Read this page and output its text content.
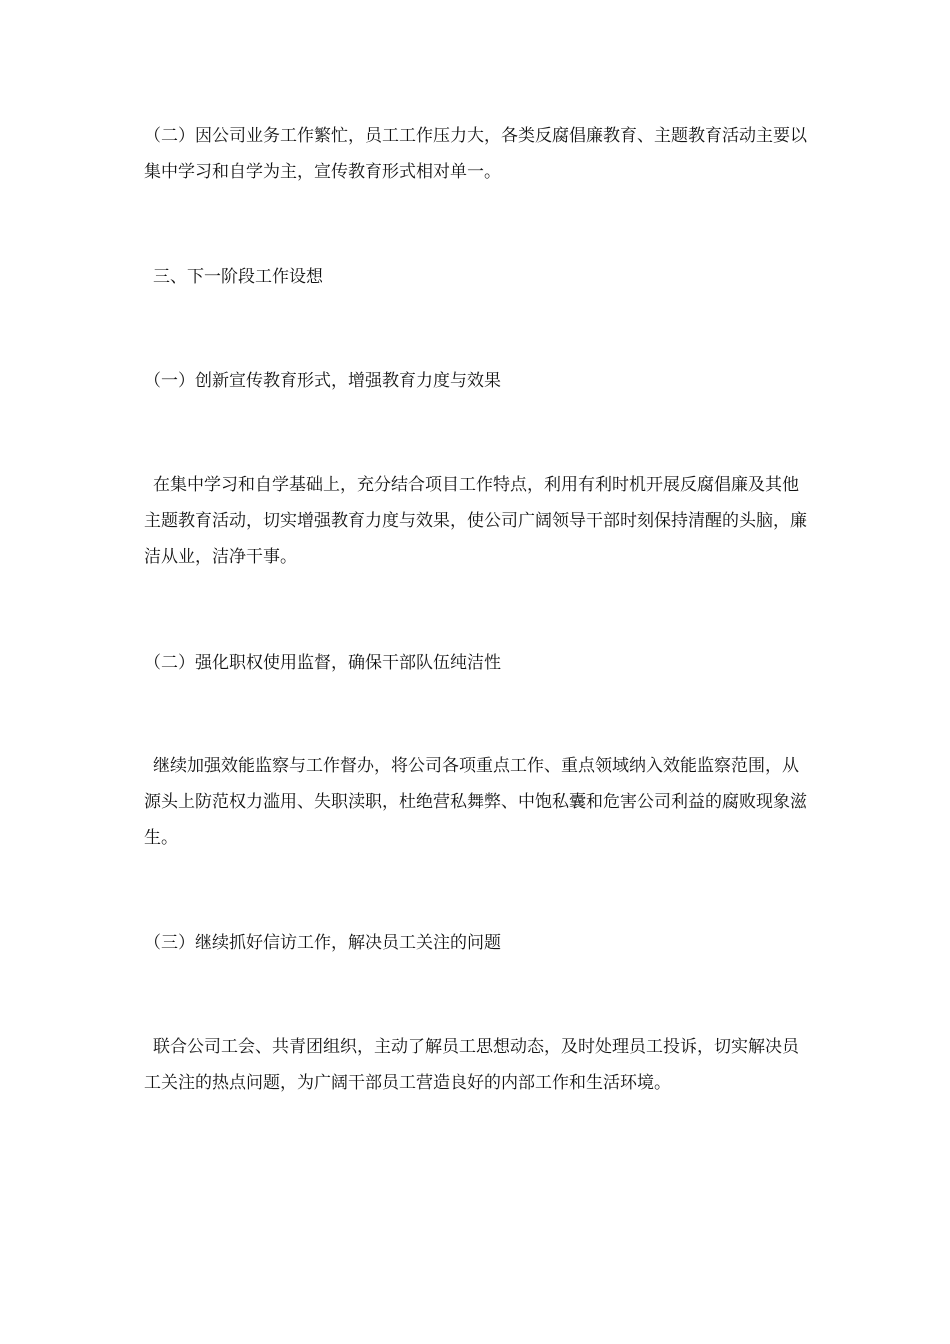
（二）因公司业务工作繁忙，员工工作压力大，各类反腐倡廉教育、主题教育活动主要以集中学习和自学为主，宣传教育形式相对单一。

三、下一阶段工作设想

（一）创新宣传教育形式，增强教育力度与效果

在集中学习和自学基础上，充分结合项目工作特点，利用有利时机开展反腐倡廉及其他主题教育活动，切实增强教育力度与效果，使公司广阔领导干部时刻保持清醒的头脑，廉洁从业，洁净干事。

（二）强化职权使用监督，确保干部队伍纯洁性

继续加强效能监察与工作督办，将公司各项重点工作、重点领域纳入效能监察范围，从源头上防范权力滥用、失职渎职，杜绝营私舞弊、中饱私囊和危害公司利益的腐败现象滋生。

（三）继续抓好信访工作，解决员工关注的问题

联合公司工会、共青团组织，主动了解员工思想动态，及时处理员工投诉，切实解决员工关注的热点问题，为广阔干部员工营造良好的内部工作和生活环境。
